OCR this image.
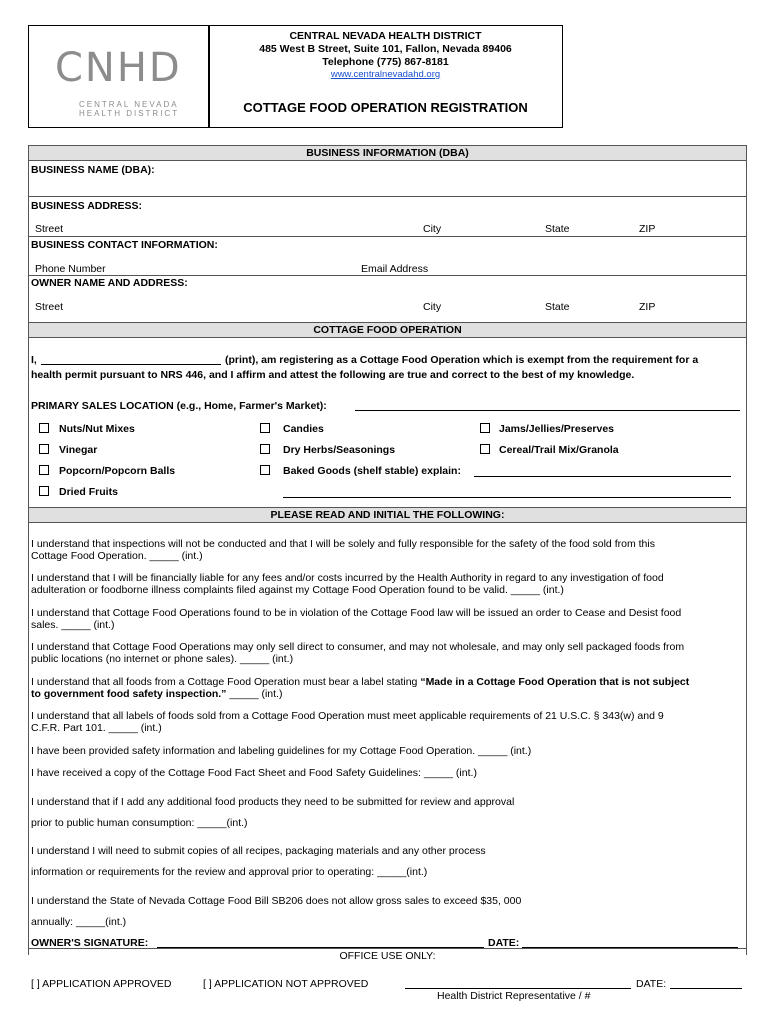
CNHD
CENTRAL NEVADA
HEALTH DISTRICT
CENTRAL NEVADA HEALTH DISTRICT
485 West B Street, Suite 101, Fallon, Nevada 89406
Telephone (775) 867-8181
www.centralnevadahd.org
COTTAGE FOOD OPERATION REGISTRATION
BUSINESS INFORMATION (DBA)
BUSINESS NAME (DBA):
BUSINESS ADDRESS:
Street	City	State	ZIP
BUSINESS CONTACT INFORMATION:
Phone Number	Email Address
OWNER NAME AND ADDRESS:
Street	City	State	ZIP
COTTAGE FOOD OPERATION
I,	(print), am registering as a Cottage Food Operation which is exempt from the requirement for a
health permit pursuant to NRS 446, and I affirm and attest the following are true and correct to the best of my knowledge.
PRIMARY SALES LOCATION (e.g., Home, Farmer's Market):
Nuts/Nut Mixes	Candies	Jams/Jellies/Preserves
Vinegar	Dry Herbs/Seasonings	Cereal/Trail Mix/Granola
Popcorn/Popcorn Balls	Baked Goods (shelf stable) explain:
Dried Fruits
PLEASE READ AND INITIAL THE FOLLOWING:
I understand that inspections will not be conducted and that I will be solely and fully responsible for the safety of the food sold from this
Cottage Food Operation. _____ (int.)
I understand that I will be financially liable for any fees and/or costs incurred by the Health Authority in regard to any investigation of food
adulteration or foodborne illness complaints filed against my Cottage Food Operation found to be valid. _____ (int.)
I understand that Cottage Food Operations found to be in violation of the Cottage Food law will be issued an order to Cease and Desist food
sales. _____ (int.)
I understand that Cottage Food Operations may only sell direct to consumer, and may not wholesale, and may only sell packaged foods from
public locations (no internet or phone sales). _____ (int.)
I understand that all foods from a Cottage Food Operation must bear a label stating “Made in a Cottage Food Operation that is not subject
to government food safety inspection.” _____ (int.)
I understand that all labels of foods sold from a Cottage Food Operation must meet applicable requirements of 21 U.S.C. § 343(w) and 9
C.F.R. Part 101. _____ (int.)
I have been provided safety information and labeling guidelines for my Cottage Food Operation. _____ (int.)
I have received a copy of the Cottage Food Fact Sheet and Food Safety Guidelines: _____ (int.)
I understand that if I add any additional food products they need to be submitted for review and approval
prior to public human consumption: _____(int.)
I understand I will need to submit copies of all recipes, packaging materials and any other process
information or requirements for the review and approval prior to operating: _____(int.)
I understand the State of Nevada Cottage Food Bill SB206 does not allow gross sales to exceed $35, 000
annually: _____(int.)
OWNER'S SIGNATURE:	DATE:
OFFICE USE ONLY:
[ ] APPLICATION APPROVED	[ ] APPLICATION NOT APPROVED	DATE:
Health District Representative / #
